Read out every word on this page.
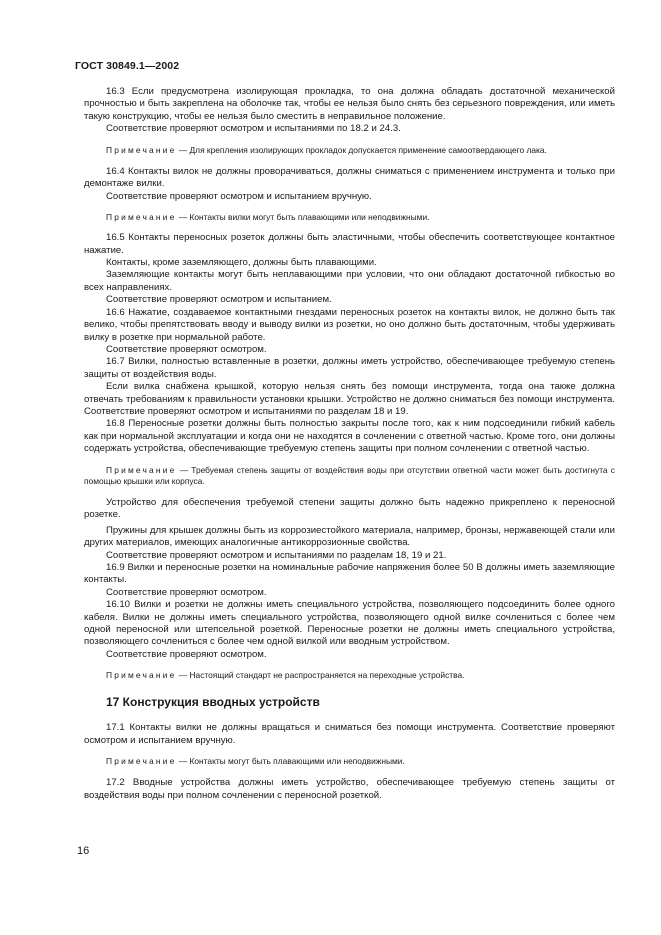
ГОСТ 30849.1—2002

16.3 Если предусмотрена изолирующая прокладка, то она должна обладать достаточной механической прочностью и быть закреплена на оболочке так, чтобы ее нельзя было снять без серьезного повреждения, или иметь такую конструкцию, чтобы ее нельзя было сместить в неправильное положение.

Соответствие проверяют осмотром и испытаниями по 18.2 и 24.3.

Примечание — Для крепления изолирующих прокладок допускается применение самоотвердающего лака.

16.4 Контакты вилок не должны проворачиваться, должны сниматься с применением инструмента и только при демонтаже вилки.

Соответствие проверяют осмотром и испытанием вручную.

Примечание — Контакты вилки могут быть плавающими или неподвижными.

16.5 Контакты переносных розеток должны быть эластичными, чтобы обеспечить соответствующее контактное нажатие.

Контакты, кроме заземляющего, должны быть плавающими.

Заземляющие контакты могут быть неплавающими при условии, что они обладают достаточной гибкостью во всех направлениях.

Соответствие проверяют осмотром и испытанием.

16.6 Нажатие, создаваемое контактными гнездами переносных розеток на контакты вилок, не должно быть так велико, чтобы препятствовать вводу и выводу вилки из розетки, но оно должно быть достаточным, чтобы удерживать вилку в розетке при нормальной работе.

Соответствие проверяют осмотром.

16.7 Вилки, полностью вставленные в розетки, должны иметь устройство, обеспечивающее требуемую степень защиты от воздействия воды.

Если вилка снабжена крышкой, которую нельзя снять без помощи инструмента, тогда она также должна отвечать требованиям к правильности установки крышки. Устройство не должно сниматься без помощи инструмента. Соответствие проверяют осмотром и испытаниями по разделам 18 и 19.

16.8 Переносные розетки должны быть полностью закрыты после того, как к ним подсоединили гибкий кабель как при нормальной эксплуатации и когда они не находятся в сочленении с ответной частью. Кроме того, они должны содержать устройства, обеспечивающие требуемую степень защиты при полном сочленении с ответной частью.

Примечание — Требуемая степень защиты от воздействия воды при отсутствии ответной части может быть достигнута с помощью крышки или корпуса.

Устройство для обеспечения требуемой степени защиты должно быть надежно прикреплено к переносной розетке.

Пружины для крышек должны быть из коррозиестойкого материала, например, бронзы, нержавеющей стали или других материалов, имеющих аналогичные антикоррозионные свойства.

Соответствие проверяют осмотром и испытаниями по разделам 18, 19 и 21.

16.9 Вилки и переносные розетки на номинальные рабочие напряжения более 50 В должны иметь заземляющие контакты.

Соответствие проверяют осмотром.

16.10 Вилки и розетки не должны иметь специального устройства, позволяющего подсоединить более одного кабеля. Вилки не должны иметь специального устройства, позволяющего одной вилке сочлениться с более чем одной переносной или штепсельной розеткой. Переносные розетки не должны иметь специального устройства, позволяющего сочлениться с более чем одной вилкой или вводным устройством.

Соответствие проверяют осмотром.

Примечание — Настоящий стандарт не распространяется на переходные устройства.

17 Конструкция вводных устройств

17.1 Контакты вилки не должны вращаться и сниматься без помощи инструмента. Соответствие проверяют осмотром и испытанием вручную.

Примечание — Контакты могут быть плавающими или неподвижными.

17.2 Вводные устройства должны иметь устройство, обеспечивающее требуемую степень защиты от воздействия воды при полном сочленении с переносной розеткой.

16
